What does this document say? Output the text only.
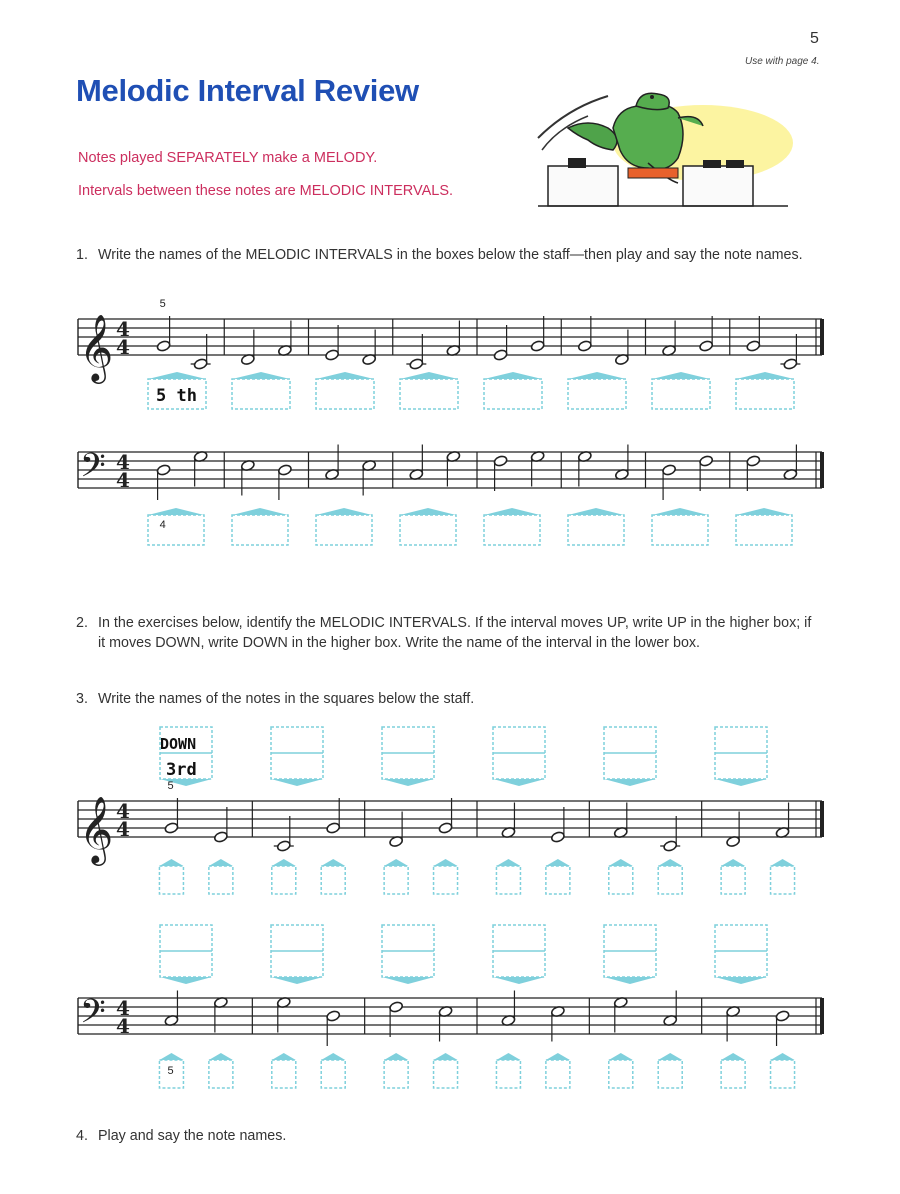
5
Use with page 4.
Melodic Interval Review
Notes played SEPARATELY make a MELODY.
Intervals between these notes are MELODIC INTERVALS.
1. Write the names of the MELODIC INTERVALS in the boxes below the staff—then play and say the note names.
2. In the exercises below, identify the MELODIC INTERVALS. If the interval moves UP, write UP in the higher box; if it moves DOWN, write DOWN in the higher box. Write the name of the interval in the lower box.
3. Write the names of the notes in the squares below the staff.
4. Play and say the note names.
𝄞 4
4
5
𝄢 4
4
4
𝄞 4
4
5
𝄢 4
4
5
5 th
DOWN
3rd
